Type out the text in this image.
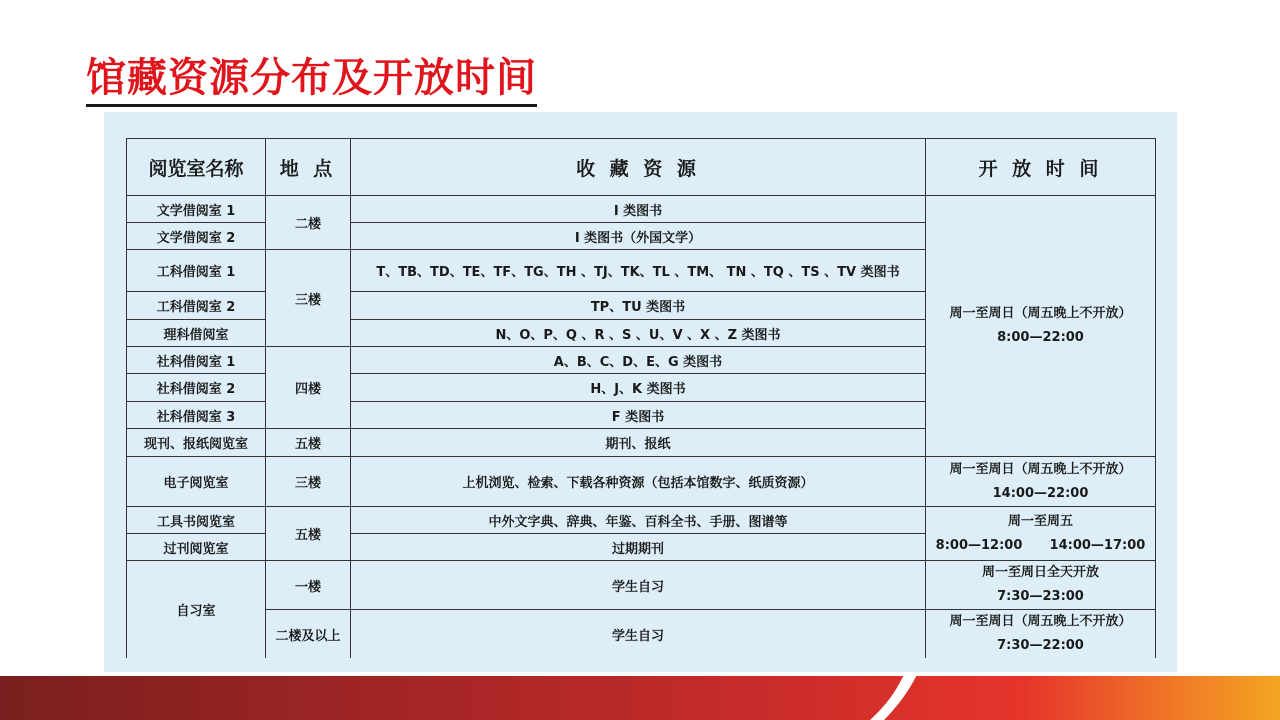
馆藏资源分布及开放时间
阅览室名称	地 点	收 藏 资 源	开 放 时 间
文学借阅室 1	二楼	I 类图书	周一至周日（周五晚上不开放）
8:00—22:00

文学借阅室 2		I 类图书（外国文学）	
工科借阅室 1	三楼	T、TB、TD、TE、TF、TG、TH 、TJ、TK、TL 、TM、 TN 、TQ 、TS 、TV 类图书	
工科借阅室 2		TP、TU 类图书	
理科借阅室		N、O、P、Q 、R 、S 、U、V 、X 、Z 类图书	
社科借阅室 1	四楼	A、B、C、D、E、G 类图书	
社科借阅室 2		H、J、K 类图书	
社科借阅室 3		F 类图书	
现刊、报纸阅览室	五楼	期刊、报纸	
电子阅览室	三楼	上机浏览、检索、下载各种资源（包括本馆数字、纸质资源）	周一至周日（周五晚上不开放）
14:00—22:00

工具书阅览室	五楼	中外文字典、辞典、年鉴、百科全书、手册、图谱等	周一至周五
8:00—12:00      14:00—17:00

过刊阅览室		过期期刊	
自习室	一楼	学生自习	周一至周日全天开放
7:30—23:00

	二楼及以上	学生自习	周一至周日（周五晚上不开放）
7:30—22:00
